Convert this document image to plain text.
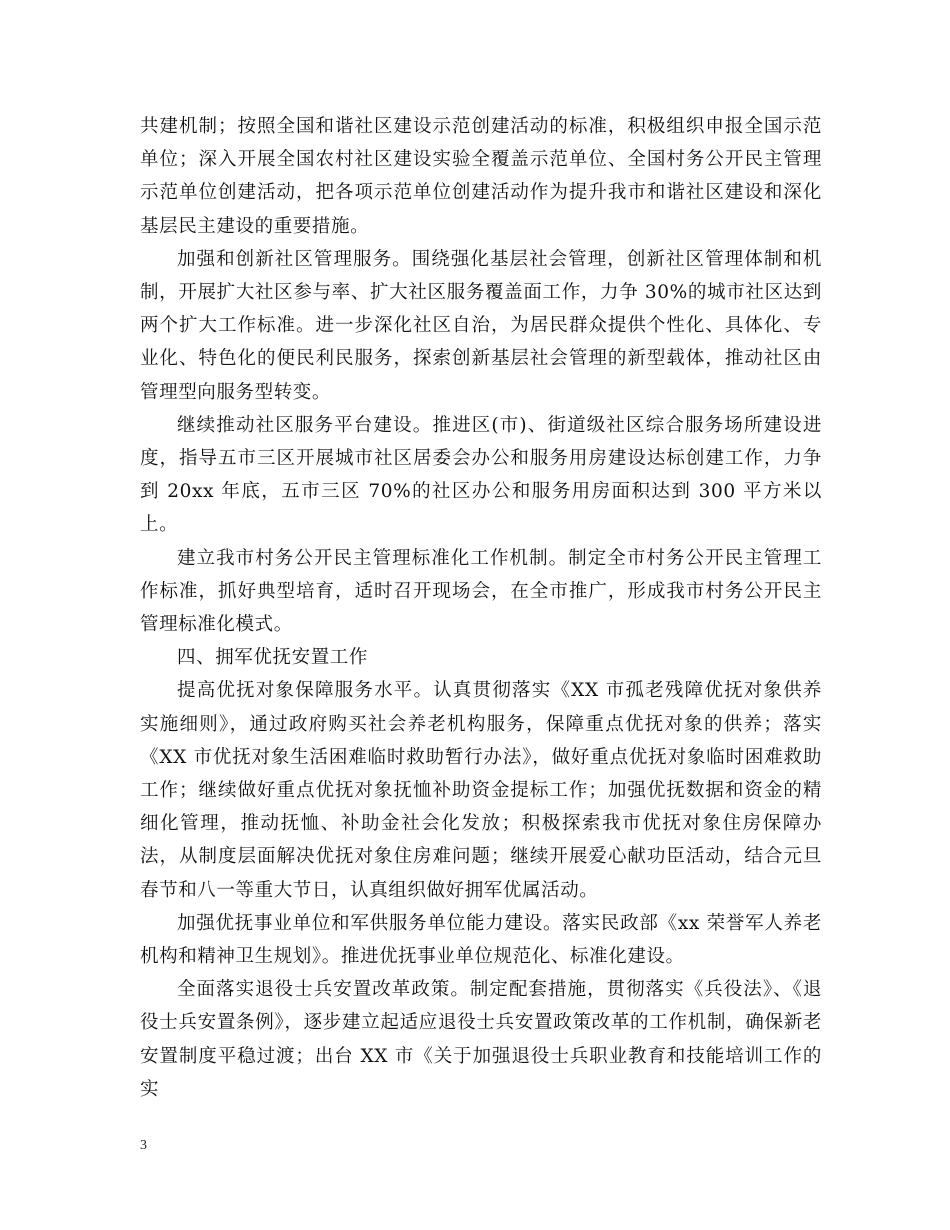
共建机制；按照全国和谐社区建设示范创建活动的标准，积极组织申报全国示范单位；深入开展全国农村社区建设实验全覆盖示范单位、全国村务公开民主管理示范单位创建活动，把各项示范单位创建活动作为提升我市和谐社区建设和深化基层民主建设的重要措施。

加强和创新社区管理服务。围绕强化基层社会管理，创新社区管理体制和机制，开展扩大社区参与率、扩大社区服务覆盖面工作，力争 30%的城市社区达到两个扩大工作标准。进一步深化社区自治，为居民群众提供个性化、具体化、专业化、特色化的便民利民服务，探索创新基层社会管理的新型载体，推动社区由管理型向服务型转变。

继续推动社区服务平台建设。推进区(市)、街道级社区综合服务场所建设进度，指导五市三区开展城市社区居委会办公和服务用房建设达标创建工作，力争到 20xx 年底，五市三区 70%的社区办公和服务用房面积达到 300 平方米以上。

建立我市村务公开民主管理标准化工作机制。制定全市村务公开民主管理工作标准，抓好典型培育，适时召开现场会，在全市推广，形成我市村务公开民主管理标准化模式。

四、拥军优抚安置工作

提高优抚对象保障服务水平。认真贯彻落实《XX 市孤老残障优抚对象供养实施细则》，通过政府购买社会养老机构服务，保障重点优抚对象的供养；落实《XX 市优抚对象生活困难临时救助暂行办法》，做好重点优抚对象临时困难救助工作；继续做好重点优抚对象抚恤补助资金提标工作；加强优抚数据和资金的精细化管理，推动抚恤、补助金社会化发放；积极探索我市优抚对象住房保障办法，从制度层面解决优抚对象住房难问题；继续开展爱心献功臣活动，结合元旦春节和八一等重大节日，认真组织做好拥军优属活动。

加强优抚事业单位和军供服务单位能力建设。落实民政部《xx 荣誉军人养老机构和精神卫生规划》。推进优抚事业单位规范化、标准化建设。

全面落实退役士兵安置改革政策。制定配套措施，贯彻落实《兵役法》、《退役士兵安置条例》，逐步建立起适应退役士兵安置政策改革的工作机制，确保新老安置制度平稳过渡；出台 XX 市《关于加强退役士兵职业教育和技能培训工作的实

3
